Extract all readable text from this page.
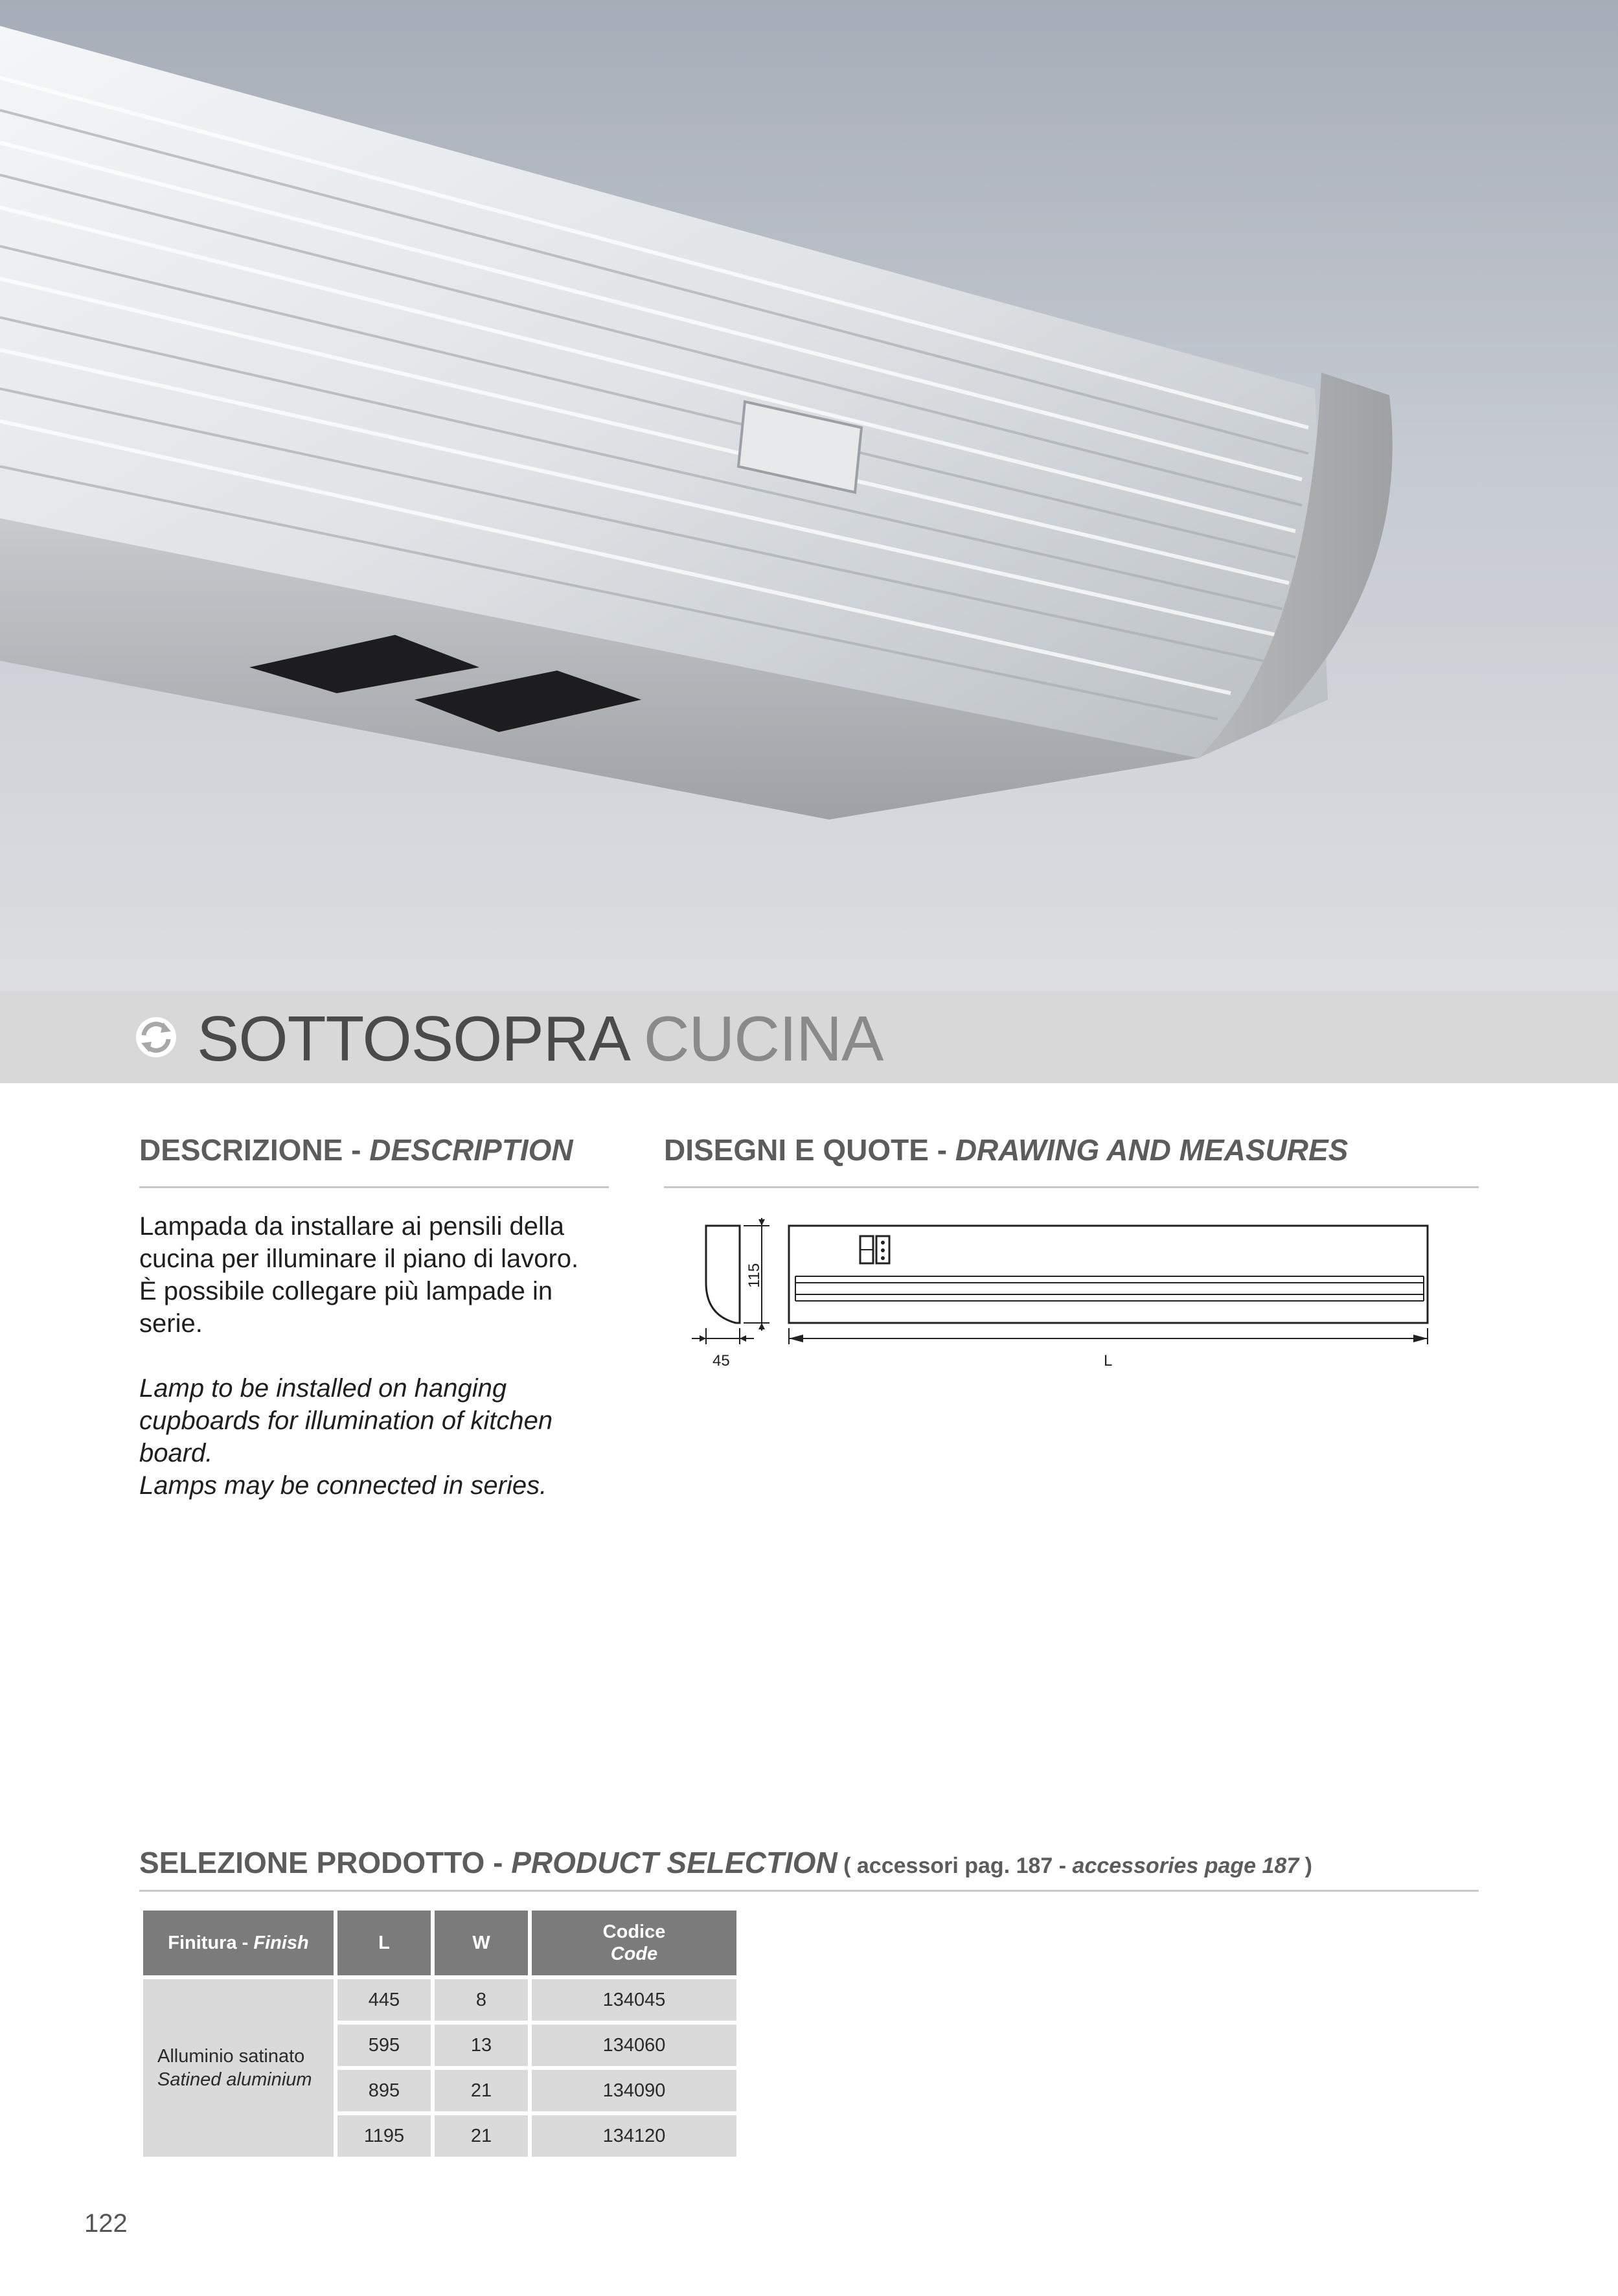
SOTTOSOPRA CUCINA
DESCRIZIONE - DESCRIPTION

Lampada da installare ai pensili della

cucina per illuminare il piano di lavoro.

È possibile collegare più lampade in

serie.

Lamp to be installed on hanging

cupboards for illumination of kitchen

board.

Lamps may be connected in series.

DISEGNI E QUOTE - DRAWING AND MEASURES
45
115
L
SELEZIONE PRODOTTO - PRODUCT SELECTION ( accessori pag. 187 - accessories page 187 )
Finitura - Finish	L	W	Codice
Code
Alluminio satinato
Satined aluminium	445	8	134045
	595	13	134060
	895	21	134090
	1195	21	134120
122
